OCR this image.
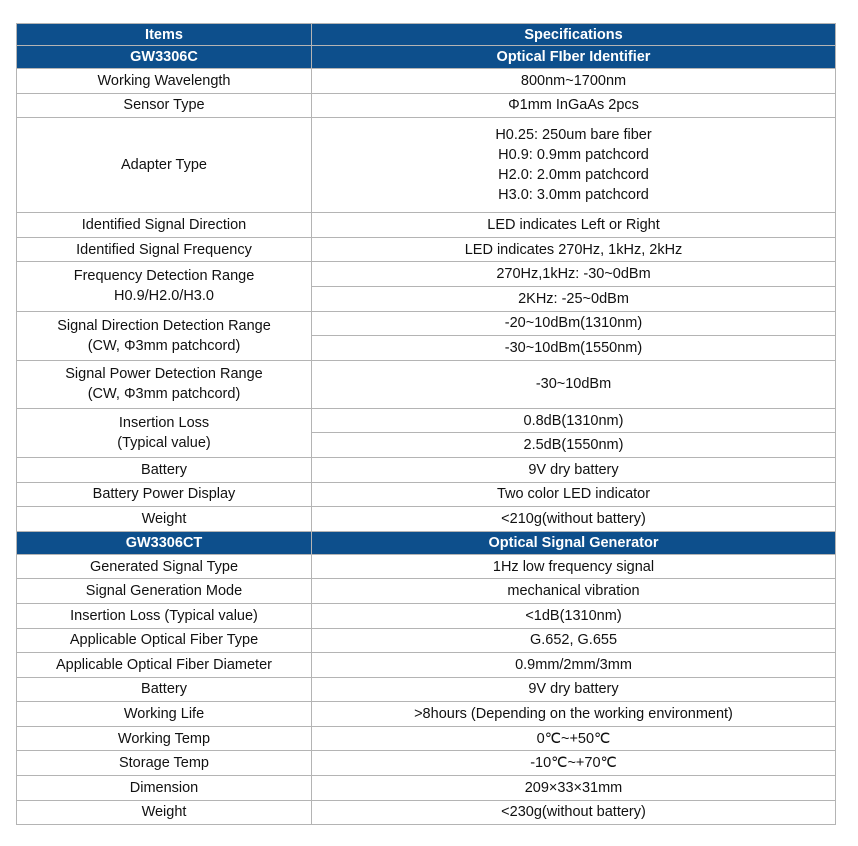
Items	Specifications
GW3306C	Optical FIber Identifier

Working Wavelength	800nm~1700nm

Sensor Type	Φ1mm InGaAs 2pcs

Adapter Type	H0.25: 250um bare fiber
H0.9: 0.9mm patchcord
H2.0: 2.0mm patchcord
H3.0: 3.0mm patchcord

Identified Signal Direction	LED indicates Left or Right

Identified Signal Frequency	LED indicates 270Hz, 1kHz, 2kHz

Frequency Detection Range
H0.9/H2.0/H3.0	270Hz,1kHz: -30~0dBm
	2KHz: -25~0dBm

Signal Direction Detection Range
(CW, Φ3mm patchcord)	-20~10dBm(1310nm)
	-30~10dBm(1550nm)

Signal Power Detection Range
(CW, Φ3mm patchcord)	-30~10dBm

Insertion Loss
(Typical value)	0.8dB(1310nm)
	2.5dB(1550nm)

Battery	9V dry battery

Battery Power Display	Two color LED indicator

Weight	<210g(without battery)
GW3306CT	Optical Signal Generator

Generated Signal Type	1Hz low frequency signal

Signal Generation Mode	mechanical vibration

Insertion Loss (Typical value)	<1dB(1310nm)

Applicable Optical Fiber Type	G.652, G.655

Applicable Optical Fiber Diameter	0.9mm/2mm/3mm

Battery	9V dry battery

Working Life	>8hours (Depending on the working environment)

Working Temp	0℃~+50℃

Storage Temp	-10℃~+70℃

Dimension	209×33×31mm

Weight	<230g(without battery)
